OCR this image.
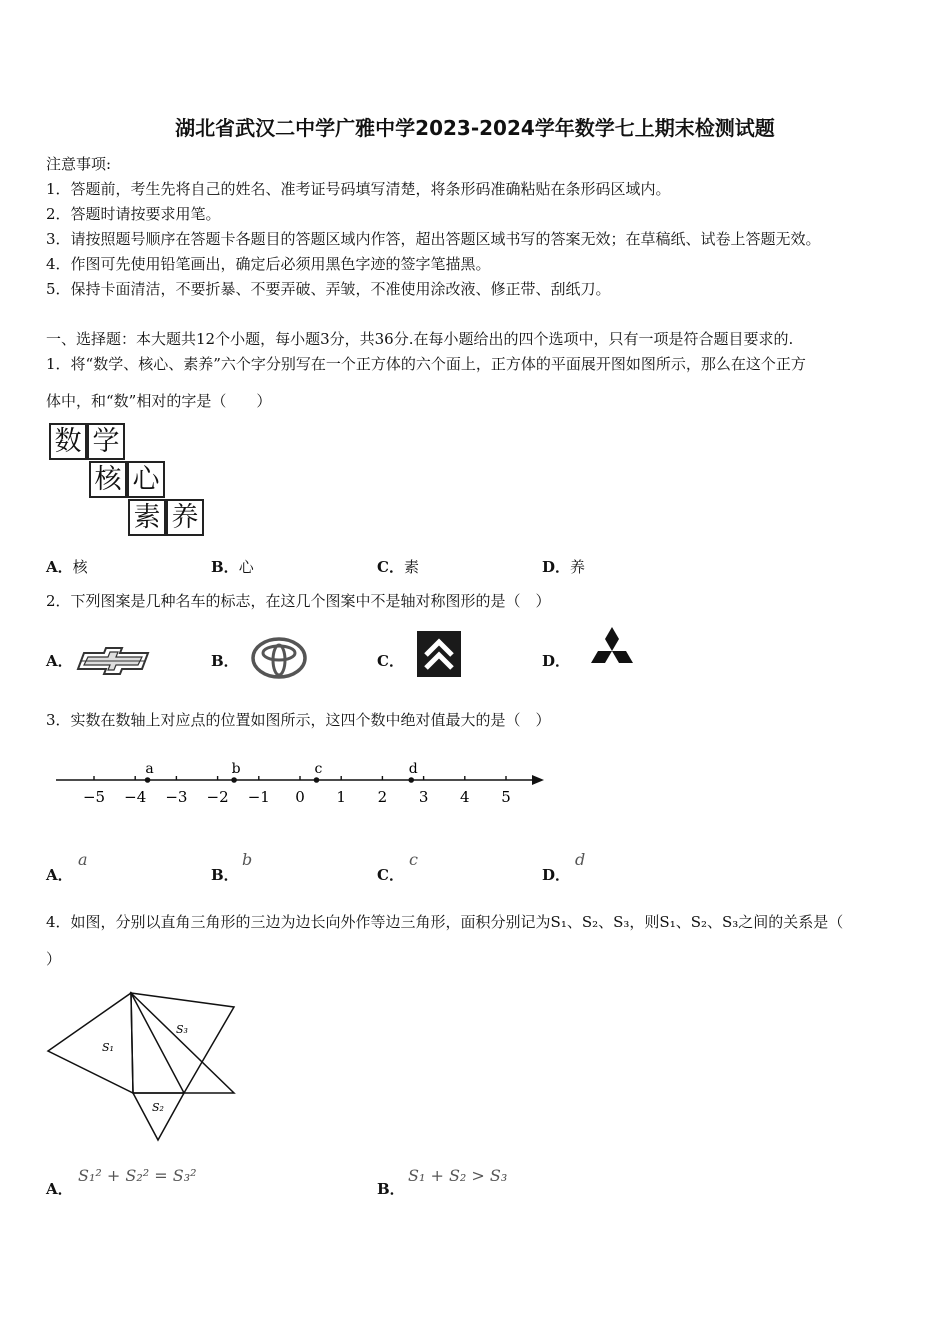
湖北省武汉二中学广雅中学2023-2024学年数学七上期末检测试题
注意事项:
1．答题前，考生先将自己的姓名、准考证号码填写清楚，将条形码准确粘贴在条形码区域内。
2．答题时请按要求用笔。
3．请按照题号顺序在答题卡各题目的答题区域内作答，超出答题区域书写的答案无效；在草稿纸、试卷上答题无效。
4．作图可先使用铅笔画出，确定后必须用黑色字迹的签字笔描黑。
5．保持卡面清洁，不要折暴、不要弄破、弄皱，不准使用涂改液、修正带、刮纸刀。
一、选择题：本大题共12个小题，每小题3分，共36分.在每小题给出的四个选项中，只有一项是符合题目要求的.
1．将“数学、核心、素养”六个字分别写在一个正方体的六个面上，正方体的平面展开图如图所示，那么在这个正方
体中，和“数”相对的字是（　　）
数 学
核 心
素 养
A．核	B．心	C．素	D．养
2．下列图案是几种名车的标志，在这几个图案中不是轴对称图形的是（　）
A．	B．	C．	D．
3．实数在数轴上对应点的位置如图所示，这四个数中绝对值最大的是（　）
−5 −4 −3 −2 −1 0 1 2 3 4 5
a	b	c	d
A．
a
B．
b
C．
c
D．
d
4．如图，分别以直角三角形的三边为边长向外作等边三角形，面积分别记为S₁、S₂、S₃，则S₁、S₂、S₃之间的关系是（
）
S₁
S₂
S₃
A．
S₁² + S₂² = S₃²
B．
S₁ + S₂ > S₃
